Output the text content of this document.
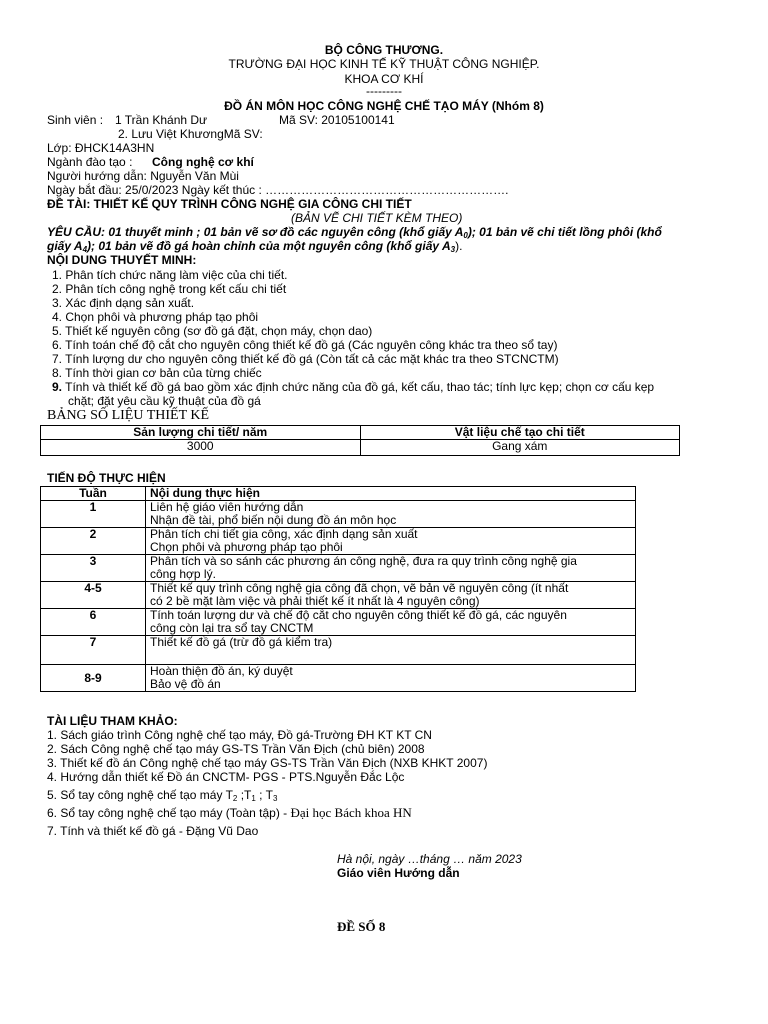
BỘ CÔNG THƯƠNG.
TRƯỜNG ĐẠI HỌC KINH TẾ KỸ THUẬT CÔNG NGHIỆP.
KHOA CƠ KHÍ
---------
ĐỒ ÁN MÔN HỌC CÔNG NGHỆ CHẾ TẠO MÁY (Nhóm 8)
Sinh viên : 1 Trần Khánh Dư	Mã SV: 20105100141
2. Lưu Việt KhươngMã SV:
Lớp: ĐHCK14A3HN
Ngành đào tạo : Công nghệ cơ khí
Người hướng dẫn: Nguyễn Văn Mùi
Ngày bắt đầu: 25/0/2023 Ngày kết thúc : …………………………………………………….
ĐỀ TÀI: THIẾT KẾ QUY TRÌNH CÔNG NGHỆ GIA CÔNG CHI TIẾT
(BẢN VẼ CHI TIẾT KÈM THEO)
YÊU CẦU: 01 thuyết minh ; 01 bản vẽ sơ đồ các nguyên công (khổ giấy $A_0$); 01 bản vẽ chi tiết lồng phôi (khổ
giấy $A_4$); 01 bản vẽ đồ gá hoàn chỉnh của một nguyên công (khổ giấy $A_3$).
NỘI DUNG THUYẾT MINH:
1. Phân tích chức năng làm việc của chi tiết.
2. Phân tích công nghệ trong kết cấu chi tiết
3. Xác định dạng sản xuất.
4. Chọn phôi và phương pháp tạo phôi
5. Thiết kế nguyên công (sơ đồ gá đặt, chọn máy, chọn dao)
6. Tính toán chế độ cắt cho nguyên công thiết kế đồ gá (Các nguyên công khác tra theo sổ tay)
7. Tính lượng dư cho nguyên công thiết kế đồ gá (Còn tất cả các mặt khác tra theo STCNCTM)
8. Tính thời gian cơ bản của từng chiếc
9. Tính và thiết kế đồ gá bao gồm xác định chức năng của đồ gá, kết cấu, thao tác; tính lực kẹp; chọn cơ cấu kẹp
chặt; đặt yêu cầu kỹ thuật của đồ gá
BẢNG SỐ LIỆU THIẾT KẾ
Sản lượng chi tiết/ năm	Vật liệu chế tạo chi tiết
3000	Gang xám
TIẾN ĐỘ THỰC HIỆN
Tuần	Nội dung thực hiện
1	Liên hệ giáo viên hướng dẫn
Nhận đề tài, phổ biến nội dung đồ án môn học

2	Phân tích chi tiết gia công, xác định dạng sản xuất
Chọn phôi và phương pháp tạo phôi

3	Phân tích và so sánh các phương án công nghệ, đưa ra quy trình công nghệ gia
công hợp lý.

4-5	Thiết kế quy trình công nghệ gia công đã chọn, vẽ bản vẽ nguyên công (ít nhất
có 2 bề mặt làm việc và phải thiết kế ít nhất là 4 nguyên công)

6	Tính toán lượng dư và chế độ cắt cho nguyên công thiết kế đồ gá, các nguyên
công còn lại tra sổ tay CNCTM

7	Thiết kế đồ gá (trừ đồ gá kiểm tra)

8-9	Hoàn thiện đồ án, ký duyệt
Bảo vệ đồ án
TÀI LIỆU THAM KHẢO:
1. Sách giáo trình Công nghệ chế tạo máy, Đồ gá-Trường ĐH KT KT CN
2. Sách Công nghệ chế tạo máy GS-TS Trần Văn Địch (chủ biên) 2008
3. Thiết kế đồ án Công nghệ chế tạo máy GS-TS Trần Văn Địch (NXB KHKT 2007)
4. Hướng dẫn thiết kế Đồ án CNCTM- PGS - PTS.Nguyễn Đắc Lộc
5. Sổ tay công nghệ chế tạo máy $T_2$ $;T_1$ ; $T_3$
6. Sổ tay công nghệ chế tạo máy (Toàn tập) - Đại học Bách khoa HN
7. Tính và thiết kế đồ gá - Đặng Vũ Dao
Hà nội, ngày …tháng … năm 2023
Giáo viên Hướng dẫn
ĐỀ SỐ 8
